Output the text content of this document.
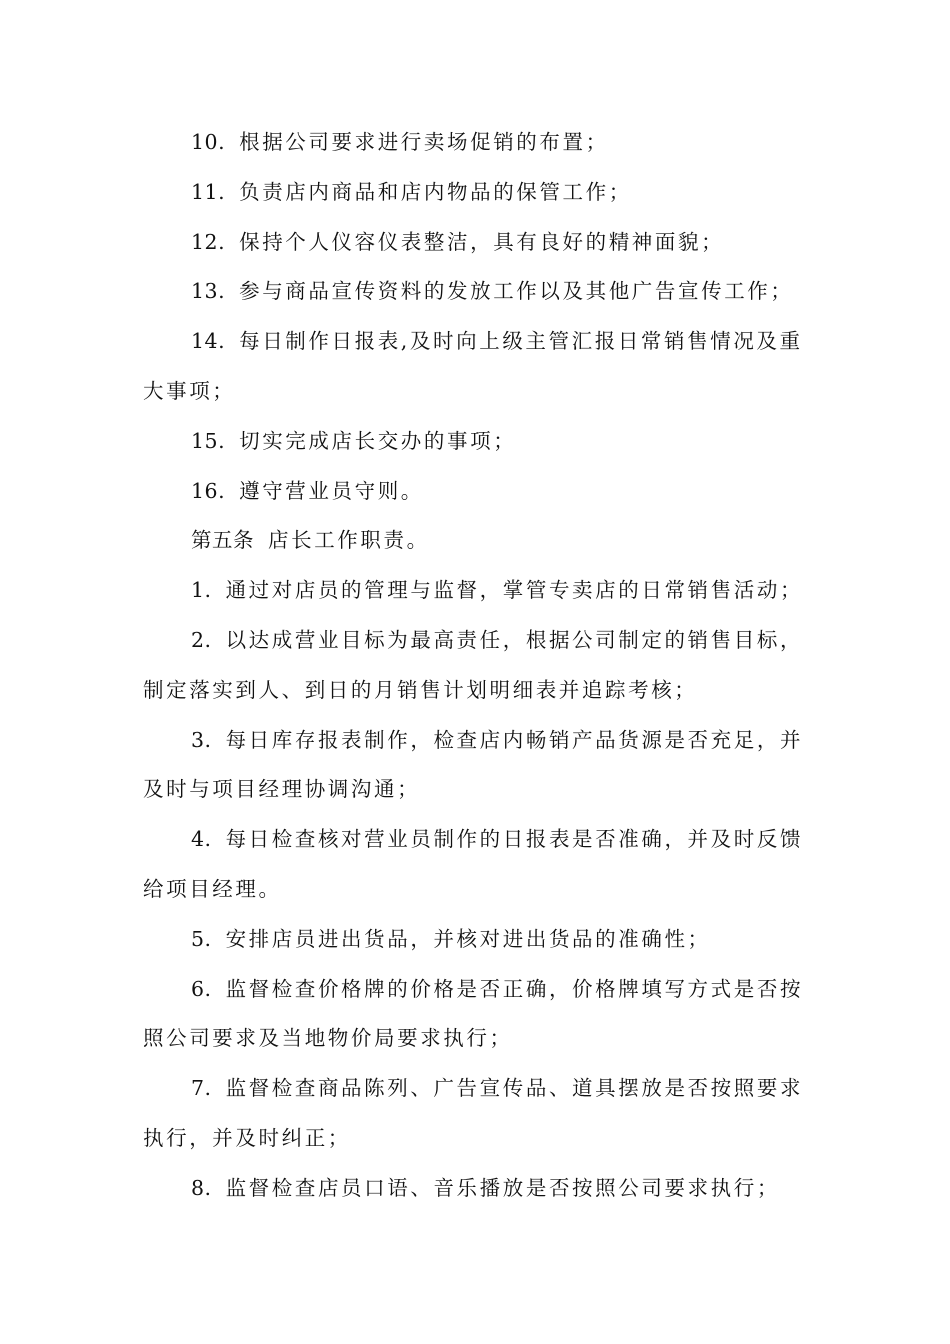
10. 根据公司要求进行卖场促销的布置；

11. 负责店内商品和店内物品的保管工作；

12. 保持个人仪容仪表整洁，具有良好的精神面貌；

13. 参与商品宣传资料的发放工作以及其他广告宣传工作；

14. 每日制作日报表,及时向上级主管汇报日常销售情况及重大事项；

15. 切实完成店长交办的事项；

16. 遵守营业员守则。

第五条 店长工作职责。

1. 通过对店员的管理与监督，掌管专卖店的日常销售活动；

2. 以达成营业目标为最高责任，根据公司制定的销售目标，制定落实到人、到日的月销售计划明细表并追踪考核；

3. 每日库存报表制作，检查店内畅销产品货源是否充足，并及时与项目经理协调沟通；

4. 每日检查核对营业员制作的日报表是否准确，并及时反馈给项目经理。

5. 安排店员进出货品，并核对进出货品的准确性；

6. 监督检查价格牌的价格是否正确，价格牌填写方式是否按照公司要求及当地物价局要求执行；

7. 监督检查商品陈列、广告宣传品、道具摆放是否按照要求执行，并及时纠正；

8. 监督检查店员口语、音乐播放是否按照公司要求执行；
